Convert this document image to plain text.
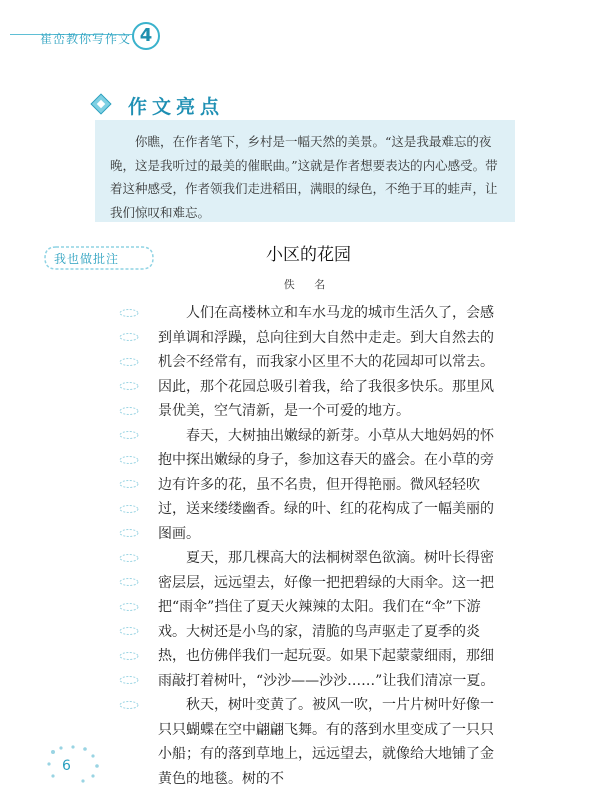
崔峦教你写作文 4
作文亮点

你瞧，在作者笔下，乡村是一幅天然的美景。“这是我最难忘的夜晚，这是我听过的最美的催眠曲。”这就是作者想要表达的内心感受。带着这种感受，作者领我们走进稻田，满眼的绿色，不绝于耳的蛙声，让我们惊叹和难忘。

我也做批注	小区的花园
佚 名

人们在高楼林立和车水马龙的城市生活久了，会感到单调和浮躁，总向往到大自然中走走。到大自然去的机会不经常有，而我家小区里不大的花园却可以常去。因此，那个花园总吸引着我，给了我很多快乐。那里风景优美，空气清新，是一个可爱的地方。

春天，大树抽出嫩绿的新芽。小草从大地妈妈的怀抱中探出嫩绿的身子，参加这春天的盛会。在小草的旁边有许多的花，虽不名贵，但开得艳丽。微风轻轻吹过，送来缕缕幽香。绿的叶、红的花构成了一幅美丽的图画。

夏天，那几棵高大的法桐树翠色欲滴。树叶长得密密层层，远远望去，好像一把把碧绿的大雨伞。这一把把“雨伞”挡住了夏天火辣辣的太阳。我们在“伞”下游戏。大树还是小鸟的家，清脆的鸟声驱走了夏季的炎热，也仿佛伴我们一起玩耍。如果下起蒙蒙细雨，那细雨敲打着树叶，“沙沙——沙沙……”让我们清凉一夏。

秋天，树叶变黄了。被风一吹，一片片树叶好像一只只蝴蝶在空中翩翩飞舞。有的落到水里变成了一只只小船；有的落到草地上，远远望去，就像给大地铺了金黄色的地毯。树的不

6
